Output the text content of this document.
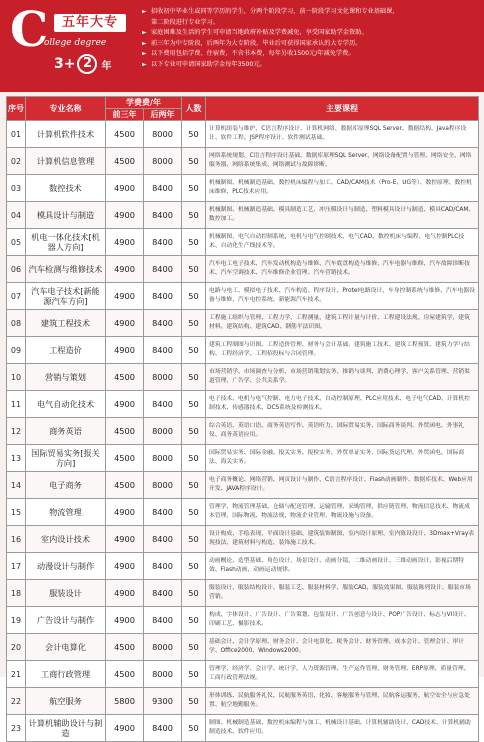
C	五年大专
ollege degree
3+ 2 年
► 招收初中毕业生或同等学历的学生，分两个阶段学习，前一阶段学习文化课和专业基础课，
第二阶段进行专业学习。
► 家庭困难及生活的学生可申请当地政府补贴及学费减免，享受国家助学金资助。
► 前三年为中专阶段，后两年为大专阶段，毕业后可获得国家承认的大专学历。
► 以下费用包括学费、住宿费，不含书本费，每年另收1500元/年减免学费。
► 以下专业可申请国家助学金每年3500元。
序号	专业名称	学费费/年		人数	主要课程
		前三年	后两年		
01	计算机软件技术	4500	8000	50	计算机组装与维护、C语言程序设计、计算机网络、数据库原理SQL Server、数据结构、Java程序设计、软件工程、JSP程序设计、软件测试基础。
02	计算机信息管理	4500	8000	50	网络系统规划、C语言程序设计基础、数据库原理SQL Server、网络设备配置与管理、网络安全、网络服务器、网络系统集成、网络测试与故障诊断。
03	数控技术	4900	8400	50	机械制图、机械制造基础、数控机床编程与加工、CAD/CAM技术（Pro-E、UG等）、数控原理、数控机床维修、PLC技术应用。
04	模具设计与制造	4900	8400	50	机械制图、机械制造基础、模具制造工艺、冲压模设计与制造、塑料模具设计与制造、模具CAD/CAM、数控加工。
05	机电一体化技术[机器人方向]	4900	8400	50	机械制图、电气自动控制系统、电机与电气控制技术、电气CAD、数控机床与编程、电气控制PLC技术、自动化生产线技术等。
06	汽车检测与维修技术	4900	8400	50	汽车电工电子技术、汽车发动机构造与维修、汽车底盘构造与维修、汽车电器与维修、汽车故障诊断技术、汽车空调技术、汽车维修企业管理、汽车营销技术。
07	汽车电子技术[新能源汽车方向]	4900	8400	50	电路与电工、模拟电子技术、汽车构造、程序设计、Protel电路设计、车身控制系统与维修、汽车电器设备与维修、汽车电控系统、新能源汽车技术。
08	建筑工程技术	4900	8400	50	工程施工组织与管理、工程力学、工程测量、建筑工程计量与计价、工程建设法规、房屋建筑学、建筑材料、建筑结构、建筑CAD、钢筋平法识图。
09	工程造价	4900	8400	50	建筑工程制图与识图、工程造价管理、财务与会计基础、建筑施工技术、建筑工程预算、建筑力学与结构、工程经济学、工程招投标与合同管理。
10	营销与策划	4500	8000	50	市场营销学、市场调查与分析、市场营销策划实务、推销与谈判、消费心理学、客户关系管理、营销渠道管理、广告学、公共关系学。
11	电气自动化技术	4900	8400	50	电子技术、电机与电气控制、电力电子技术、自动控制原理、PLC应用技术、电子电气CAD、计算机控制技术、传感器技术、DCS系统及检测技术。
12	商务英语	4500	8000	50	综合英语、英语口语、商务英语写作、英语听力、国际贸易实务、国际商务谈判、外贸函电、外事礼仪、商务英语应用。
13	国际贸易实务[报关方向]	4500	8000	50	国际贸易实务、国际金融、报关实务、报检实务、外贸单证实务、国际货运代理、外贸函电、国际商法、海关实务。
14	电子商务	4500	8000	50	电子商务概论、网络营销、网页设计与制作、C语言程序设计、Flash动画制作、数据库技术、Web应用开发、JAVA程序设计。
15	物流管理	4900	8400	50	管理学、物流管理基础、仓储与配送管理、运输管理、采购管理、供应链管理、物流信息技术、物流成本管理、国际物流、物流法规、物流企业管理、物流设施与设备。
16	室内设计技术	4900	8400	50	设计构成、手绘表现、平面设计基础、建筑装饰制图、室内设计原理、室内陈设设计、3Dmax+Vray表现技法、建筑材料与构造、装饰施工技术。
17	动漫设计与制作	4900	8400	50	动画概论、造型基础、角色设计、场景设计、动画分镜、二维动画设计、三维动画设计、影视后期特效、Flash动画、动画运动规律。
18	服装设计	4900	8400	50	服装设计、服装结构设计、服装工艺、服装材料学、服装CAD、服装效果图、服装陈列设计、服装市场营销。
19	广告设计与制作	4900	8400	50	构成、字体设计、广告设计、广告策划、包装设计、广告创意与设计、POP广告设计、标志与VI设计、印刷工艺、摄影技术。
20	会计电算化	4500	8000	50	基础会计、会计学原理、财务会计、会计电算化、税务会计、财务管理、成本会计、管理会计、审计学、Office2000、Windows2000。
21	工商行政管理	4500	8000	50	管理学、经济学、会计学、统计学、人力资源管理、生产运作管理、财务管理、ERP原理、质量管理、工商行政管理法规。
22	航空服务	5800	9300	50	形体训练、民航服务礼仪、民航服务英语、化妆、客舱服务与管理、民航客运服务、航空安全与应急处置、航空地勤服务。
23	计算机辅助设计与制造	4900	8400	50	制图、机械制造基础、数控机床编程与加工、机械设计基础、计算机辅助设计、CAD技术、计算机辅助制造技术、软件应用。
